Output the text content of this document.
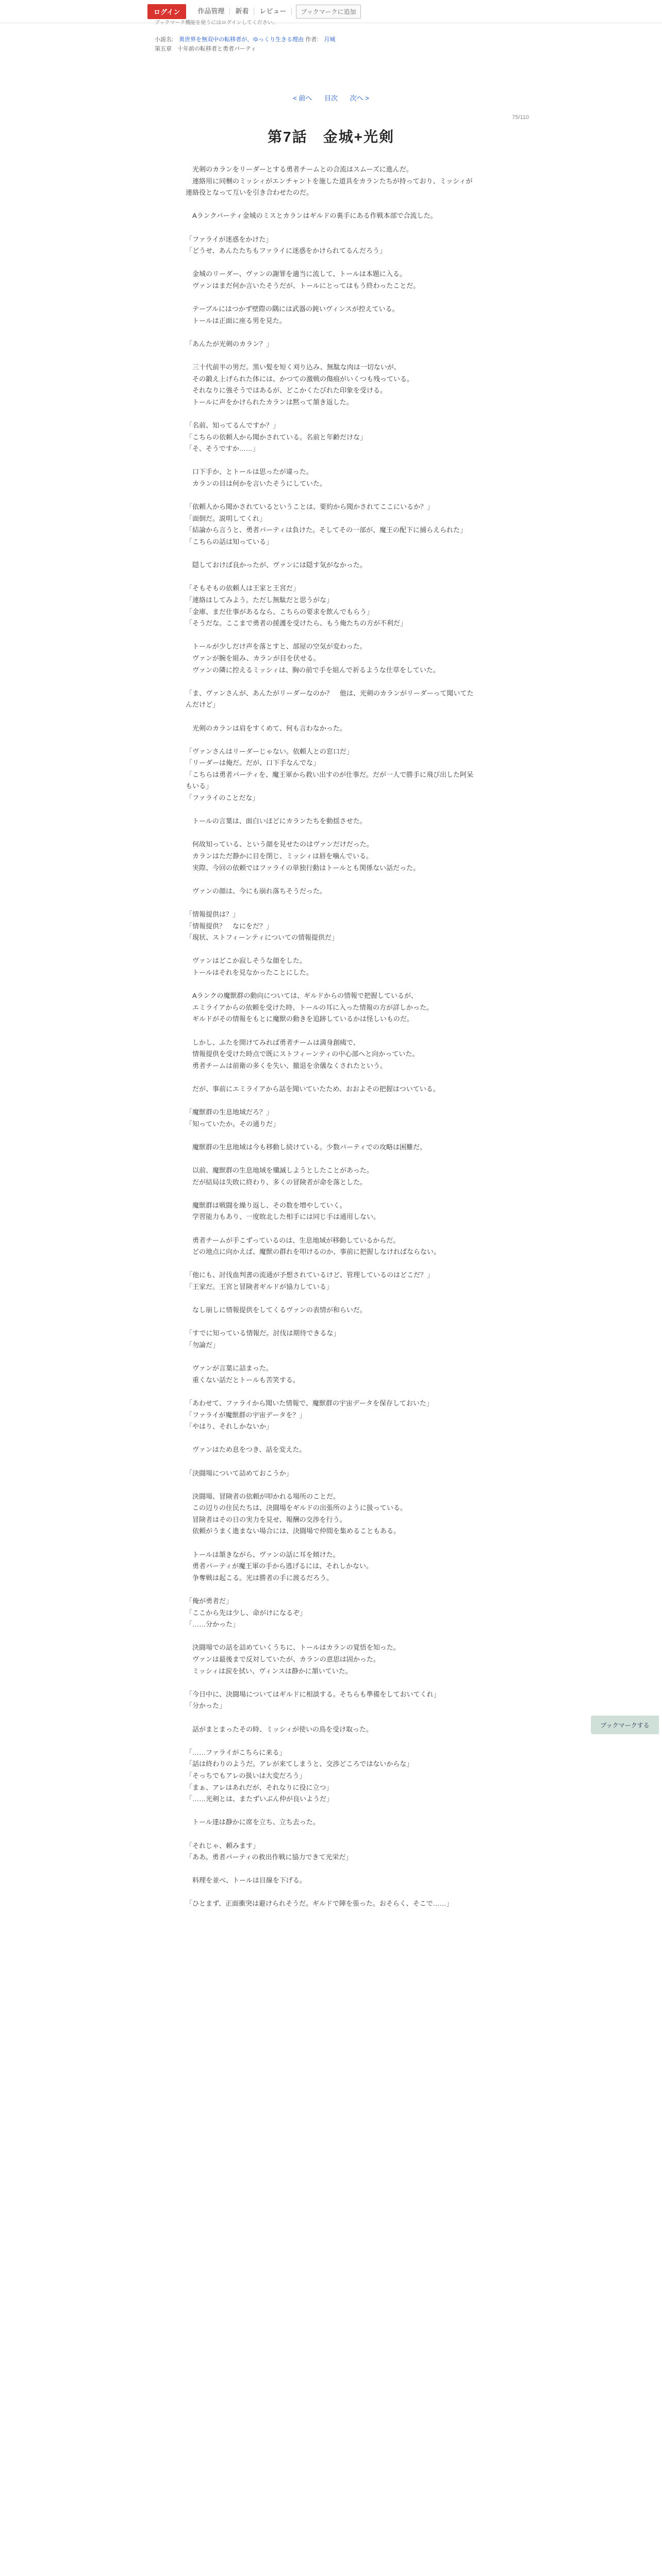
ログイン	作品管理	新着	レビュー	ブックマークに追加
ブックマーク機能を使うにはログインしてください。
小説名: 異世界を無双中の転移者が、ゆっくり生きる理由 作者: 月城
第五章 十年前の転移者と勇者パーティ
< 前へ 目次 次へ >
75/110
第7話　金城+光剣

　光剣のカランをリーダーとする勇者チームとの合流はスムーズに進んだ。

　連絡用に同梱のミッシィがエンチャントを施した道具をカランたちが持っており、ミッシィが連絡役となって互いを引き合わせたのだ。

　Aランクパーティ金城のミスとカランはギルドの裏手にある作戦本部で合流した。

「ファライが迷惑をかけた」

「どうせ、あんたたちもファライに迷惑をかけられてるんだろう」

　金城のリーダー、ヴァンの謝罪を適当に流して、トールは本題に入る。

　ヴァンはまだ何か言いたそうだが、トールにとってはもう終わったことだ。

　テーブルにはつかず壁際の隅には武器の鈍いヴィンスが控えている。

　トールは正面に座る男を見た。

「あんたが光剣のカラン？」

　三十代前半の男だ。黒い髪を短く刈り込み、無駄な肉は一切ないが、

　その鍛え上げられた体には、かつての激戦の傷痕がいくつも残っている。

　それなりに強そうではあるが、どこかくたびれた印象を受ける。

　トールに声をかけられたカランは黙って頷き返した。

「名前、知ってるんですか？」

「こちらの依頼人から聞かされている。名前と年齢だけな」

「そ、そうですか……」

　口下手か、とトールは思ったが違った。

　カランの目は何かを言いたそうにしていた。

「依頼人から聞かされているということは、要約から聞かされてここにいるか？」

「面倒だ。説明してくれ」

「結論から言うと、勇者パーティは負けた。そしてその一部が、魔王の配下に捕らえられた」

「こちらの話は知っている」

　隠しておけば良かったが、ヴァンには隠す気がなかった。

「そもそもの依頼人は王家と王宮だ」

「連絡はしてみよう。ただし無駄だと思うがな」

「金庫、まだ仕事があるなら、こちらの要求を飲んでもらう」

「そうだな。ここまで勇者の援護を受けたら、もう俺たちの方が不利だ」

　トールが少しだけ声を落とすと、部屋の空気が変わった。

　ヴァンが腕を組み、カランが目を伏せる。

　ヴァンの隣に控えるミッシィは、胸の前で手を組んで祈るような仕草をしていた。

「ま、ヴァンさんが、あんたがリーダーなのか？　他は、光剣のカランがリーダーって聞いてたんだけど」

　光剣のカランは肩をすくめて、何も言わなかった。

「ヴァンさんはリーダーじゃない。依頼人との窓口だ」

「リーダーは俺だ。だが、口下手なんでな」

「こちらは勇者パーティを、魔王軍から救い出すのが仕事だ。だが一人で勝手に飛び出した阿呆もいる」

「ファライのことだな」

　トールの言葉は、面白いほどにカランたちを動揺させた。

　何故知っている、という顔を見せたのはヴァンだけだった。

　カランはただ静かに目を閉じ、ミッシィは唇を噛んでいる。

　実際、今回の依頼ではファライの単独行動はトールとも関係ない話だった。

　ヴァンの顔は、今にも崩れ落ちそうだった。

「情報提供は？」

「情報提供？　なにをだ？」

「現状、ストフィーンティについての情報提供だ」

　ヴァンはどこか寂しそうな顔をした。

　トールはそれを見なかったことにした。

　Aランクの魔獣群の動向については、ギルドからの情報で把握しているが、

　エミライアからの依頼を受けた時、トールの耳に入った情報の方が詳しかった。

　ギルドがその情報をもとに魔獣の動きを追跡しているかは怪しいものだ。

　しかし、ふたを開けてみれば勇者チームは満身創痍で、

　情報提供を受けた時点で既にストフィーンティの中心部へと向かっていた。

　勇者チームは前衛の多くを失い、撤退を余儀なくされたという。

　だが、事前にエミライアから話を聞いていたため、おおよその把握はついている。

「魔獣群の生息地域だろ？」

「知っていたか。その通りだ」

　魔獣群の生息地域は今も移動し続けている。少数パーティでの攻略は困難だ。

　以前、魔獣群の生息地域を殲滅しようとしたことがあった。

　だが結局は失敗に終わり、多くの冒険者が命を落とした。

　魔獣群は戦闘を繰り返し、その数を増やしていく。

　学習能力もあり、一度敗北した相手には同じ手は通用しない。

　勇者チームが手こずっているのは、生息地域が移動しているからだ。

　どの地点に向かえば、魔獣の群れを叩けるのか、事前に把握しなければならない。

「他にも、討伐血判書の流通が予想されているけど、管理しているのはどこだ？」

「王家だ。王宮と冒険者ギルドが協力している」

　なし崩しに情報提供をしてくるヴァンの表情が和らいだ。

「すでに知っている情報だ。討伐は期待できるな」

「勿論だ」

　ヴァンが言葉に詰まった。

　重くない話だとトールも苦笑する。

「あわせて、ファライから聞いた情報で、魔獣群の宇宙データを保存しておいた」

「ファライが魔獣群の宇宙データを？」

「やはり、それしかないか」

　ヴァンはため息をつき、話を変えた。

「決闘場について詰めておこうか」

　決闘場、冒険者の依頼が叩かれる場所のことだ。

　この辺りの住民たちは、決闘場をギルドの出張所のように扱っている。

　冒険者はその日の実力を見せ、報酬の交渉を行う。

　依頼がうまく進まない場合には、決闘場で仲間を集めることもある。

　トールは頷きながら、ヴァンの話に耳を傾けた。

　勇者パーティが魔王軍の手から逃げるには、それしかない。

　争奪戦は起こる。光は勝者の手に渡るだろう。

「俺が勇者だ」

「ここから先は少し、命がけになるぞ」

「……分かった」

　決闘場での話を詰めていくうちに、トールはカランの覚悟を知った。

　ヴァンは最後まで反対していたが、カランの意思は固かった。

　ミッシィは涙を拭い、ヴィンスは静かに頷いていた。

「今日中に、決闘場についてはギルドに相談する。そちらも準備をしておいてくれ」

「分かった」

　話がまとまったその時、ミッシィが使いの鳥を受け取った。

「……ファライがこちらに来る」

「話は終わりのようだ。アレが来てしまうと、交渉どころではないからな」

「そっちでもアレの扱いは大変だろう」

「まぁ、アレはあれだが、それなりに役に立つ」

「……光剣とは、またずいぶん仲が良いようだ」

　トール達は静かに席を立ち、立ち去った。

「それじゃ、頼みます」

「ああ。勇者パーティの救出作戦に協力できて光栄だ」

　料理を並べ、トールは目線を下げる。

「ひとまず、正面衝突は避けられそうだ。ギルドで陣を張った。おそらく、そこで……」

ブックマークする
